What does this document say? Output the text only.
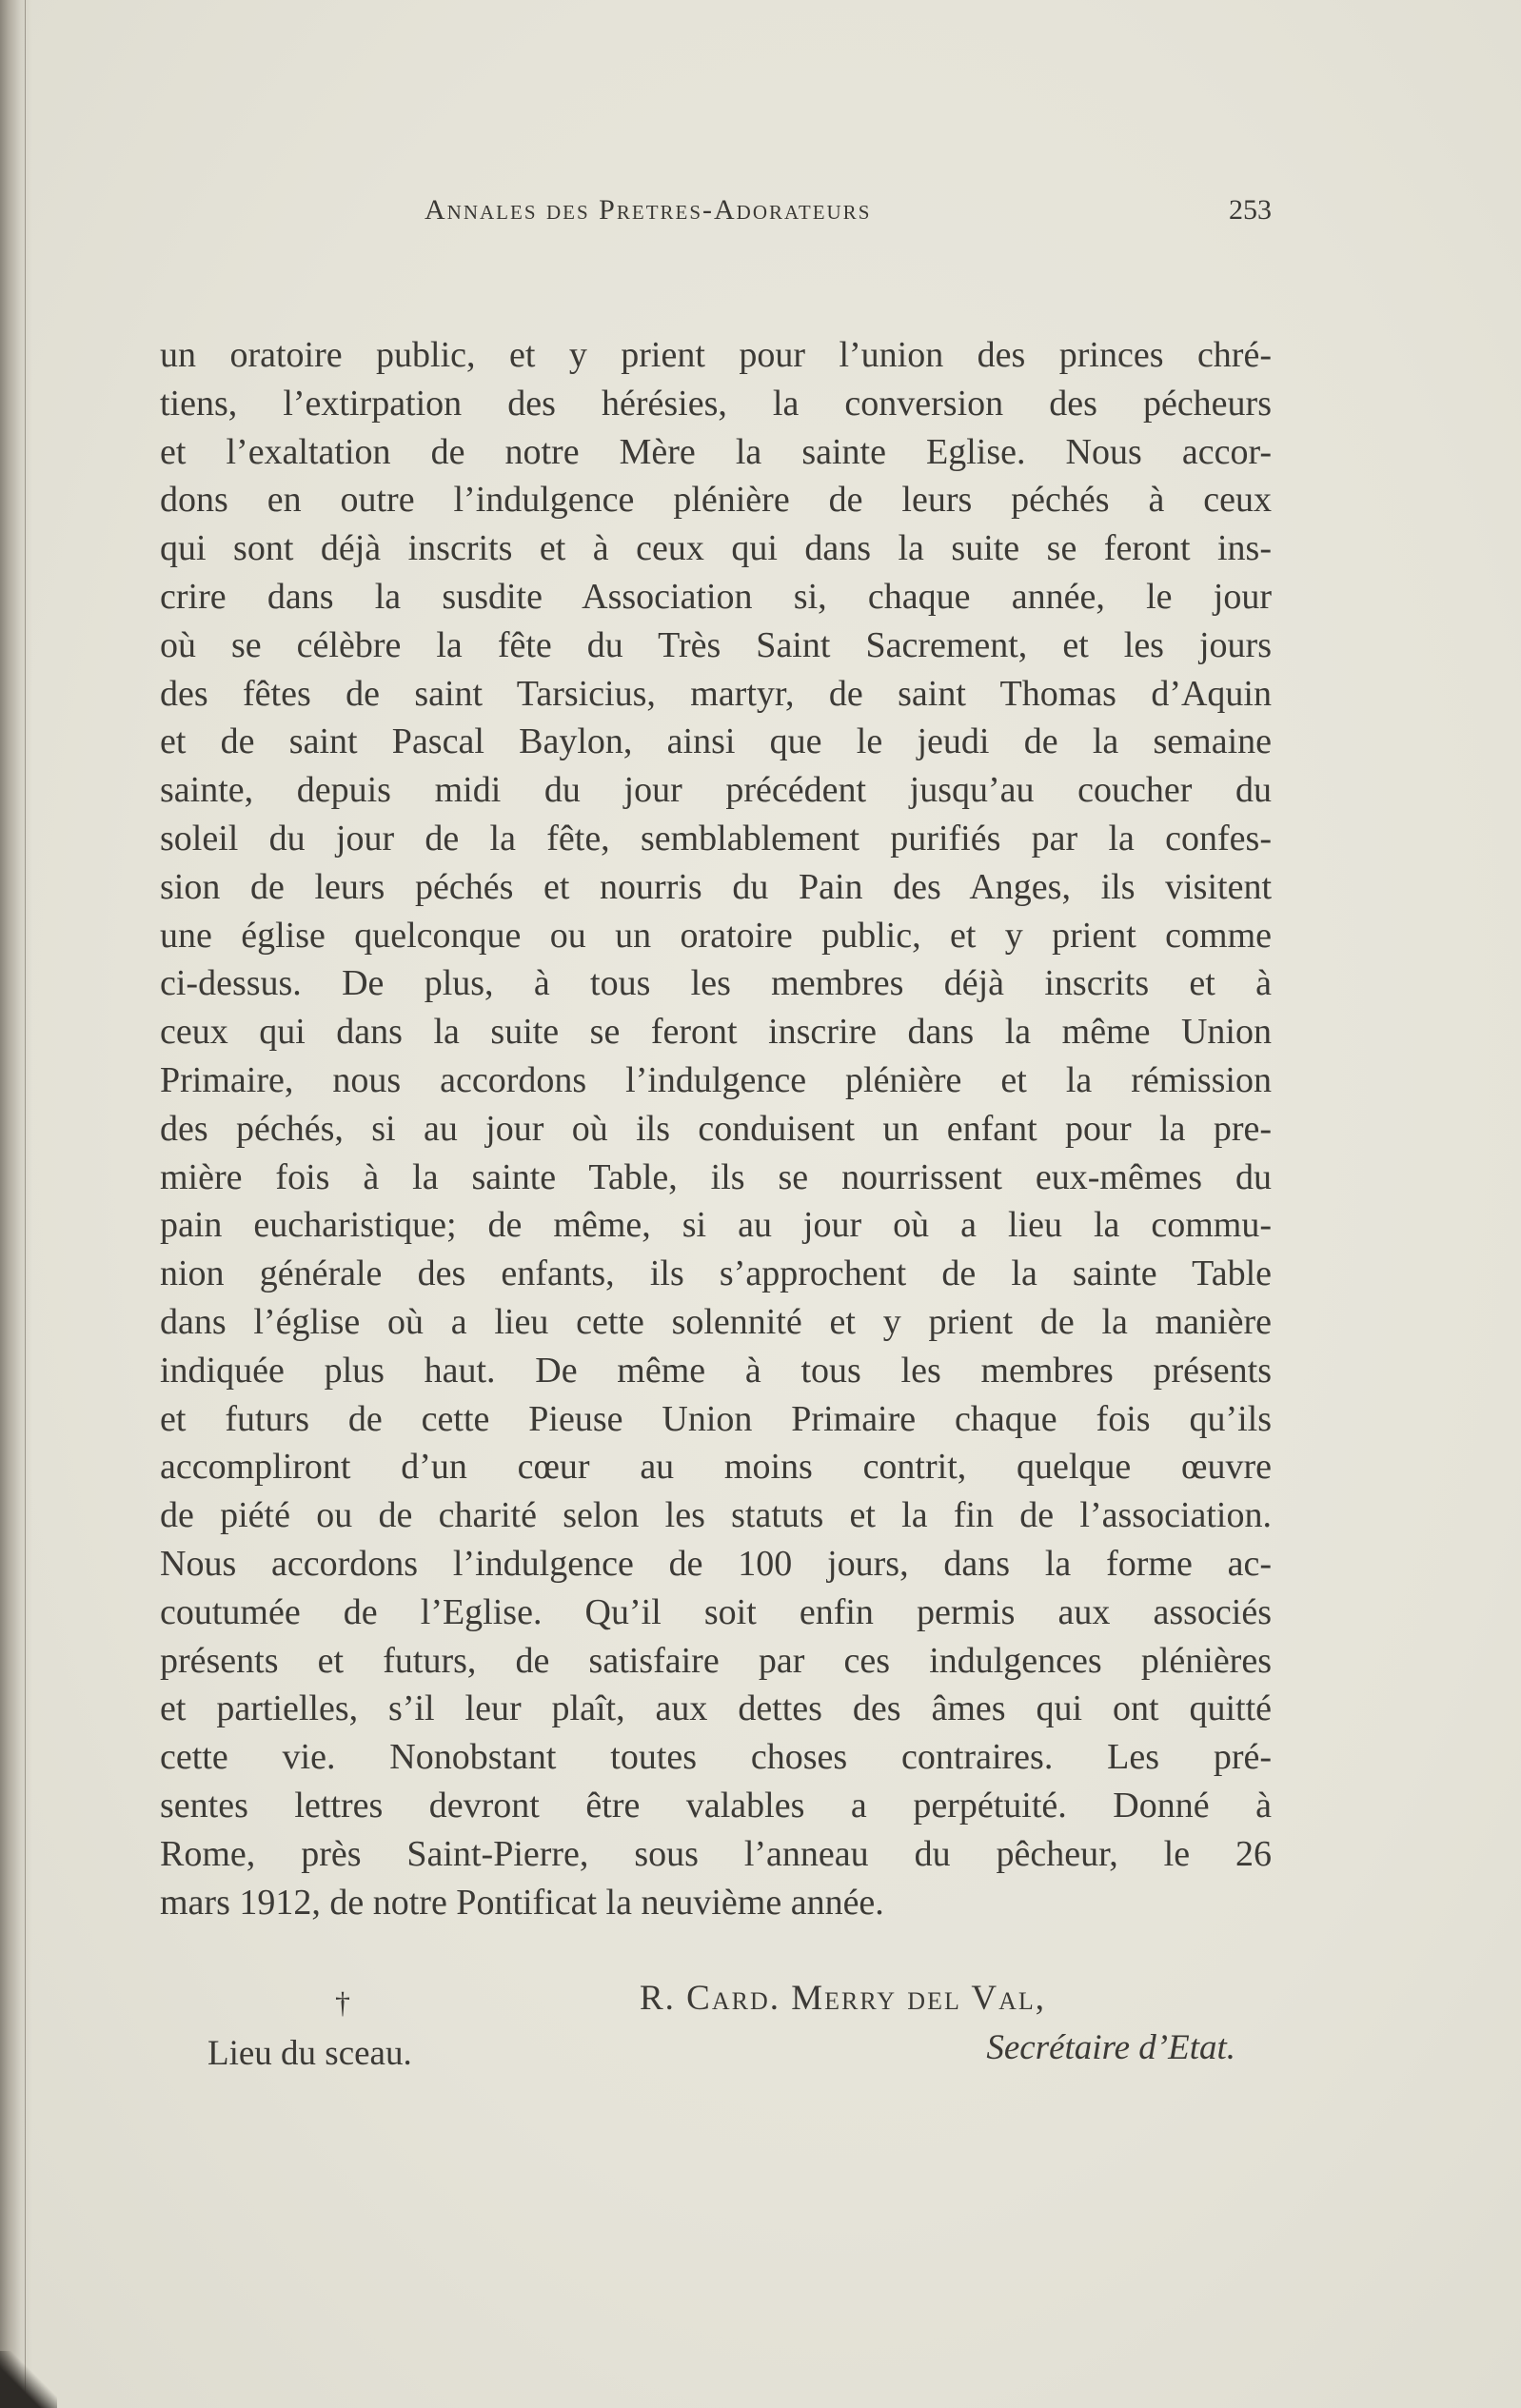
Annales des Pretres-Adorateurs	253
un oratoire public, et y prient pour l’union des princes chré-
tiens, l’extirpation des hérésies, la conversion des pécheurs
et l’exaltation de notre Mère la sainte Eglise. Nous accor-
dons en outre l’indulgence plénière de leurs péchés à ceux
qui sont déjà inscrits et à ceux qui dans la suite se feront ins-
crire dans la susdite Association si, chaque année, le jour
où se célèbre la fête du Très Saint Sacrement, et les jours
des fêtes de saint Tarsicius, martyr, de saint Thomas d’Aquin
et de saint Pascal Baylon, ainsi que le jeudi de la semaine
sainte, depuis midi du jour précédent jusqu’au coucher du
soleil du jour de la fête, semblablement purifiés par la confes-
sion de leurs péchés et nourris du Pain des Anges, ils visitent
une église quelconque ou un oratoire public, et y prient comme
ci-dessus. De plus, à tous les membres déjà inscrits et à
ceux qui dans la suite se feront inscrire dans la même Union
Primaire, nous accordons l’indulgence plénière et la rémission
des péchés, si au jour où ils conduisent un enfant pour la pre-
mière fois à la sainte Table, ils se nourrissent eux-mêmes du
pain eucharistique; de même, si au jour où a lieu la commu-
nion générale des enfants, ils s’approchent de la sainte Table
dans l’église où a lieu cette solennité et y prient de la manière
indiquée plus haut. De même à tous les membres présents
et futurs de cette Pieuse Union Primaire chaque fois qu’ils
accompliront d’un cœur au moins contrit, quelque œuvre
de piété ou de charité selon les statuts et la fin de l’association.
Nous accordons l’indulgence de 100 jours, dans la forme ac-
coutumée de l’Eglise. Qu’il soit enfin permis aux associés
présents et futurs, de satisfaire par ces indulgences plénières
et partielles, s’il leur plaît, aux dettes des âmes qui ont quitté
cette vie. Nonobstant toutes choses contraires. Les pré-
sentes lettres devront être valables a perpétuité. Donné à
Rome, près Saint-Pierre, sous l’anneau du pêcheur, le 26
mars 1912, de notre Pontificat la neuvième année.
†
Lieu du sceau.
R. Card. Merry del Val,
Secrétaire d’Etat.
